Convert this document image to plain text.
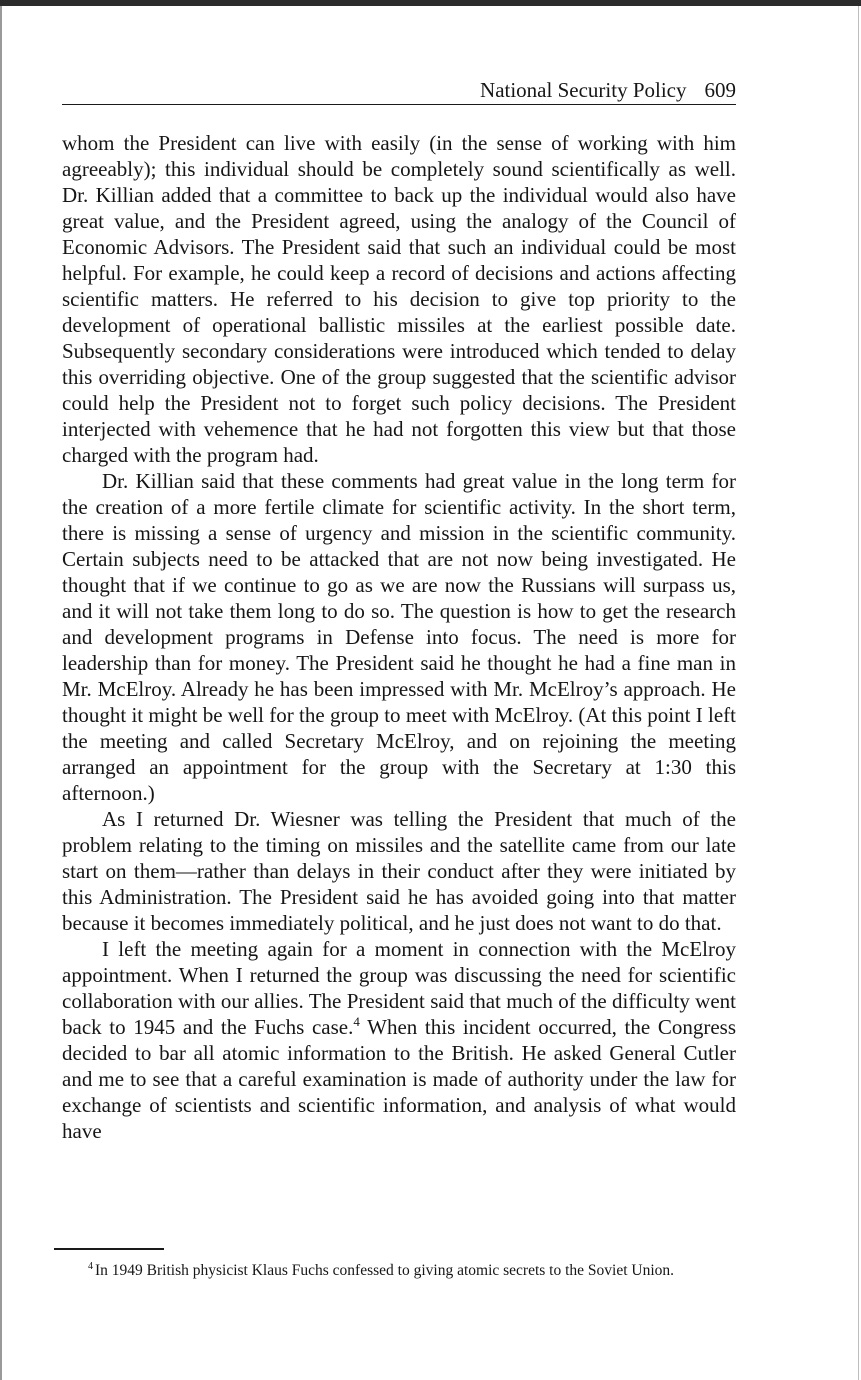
National Security Policy 609

whom the President can live with easily (in the sense of working with him agreeably); this individual should be completely sound scientifically as well. Dr. Killian added that a committee to back up the individual would also have great value, and the President agreed, using the analogy of the Council of Economic Advisors. The President said that such an individual could be most helpful. For example, he could keep a record of decisions and actions affecting scientific matters. He referred to his decision to give top priority to the development of operational ballistic missiles at the earliest possible date. Subsequently secondary considerations were introduced which tended to delay this overriding objective. One of the group suggested that the scientific advisor could help the President not to forget such policy decisions. The President interjected with vehemence that he had not forgotten this view but that those charged with the program had.

Dr. Killian said that these comments had great value in the long term for the creation of a more fertile climate for scientific activity. In the short term, there is missing a sense of urgency and mission in the scientific community. Certain subjects need to be attacked that are not now being investigated. He thought that if we continue to go as we are now the Russians will surpass us, and it will not take them long to do so. The question is how to get the research and development programs in Defense into focus. The need is more for leadership than for money. The President said he thought he had a fine man in Mr. McElroy. Already he has been impressed with Mr. McElroy’s approach. He thought it might be well for the group to meet with McElroy. (At this point I left the meeting and called Secretary McElroy, and on rejoining the meeting arranged an appointment for the group with the Secretary at 1:30 this afternoon.)

As I returned Dr. Wiesner was telling the President that much of the problem relating to the timing on missiles and the satellite came from our late start on them—rather than delays in their conduct after they were initiated by this Administration. The President said he has avoided going into that matter because it becomes immediately political, and he just does not want to do that.

I left the meeting again for a moment in connection with the McElroy appointment. When I returned the group was discussing the need for scientific collaboration with our allies. The President said that much of the difficulty went back to 1945 and the Fuchs case.$^4$ When this incident occurred, the Congress decided to bar all atomic information to the British. He asked General Cutler and me to see that a careful examination is made of authority under the law for exchange of scientists and scientific information, and analysis of what would have

$^4$ In 1949 British physicist Klaus Fuchs confessed to giving atomic secrets to the Soviet Union.
